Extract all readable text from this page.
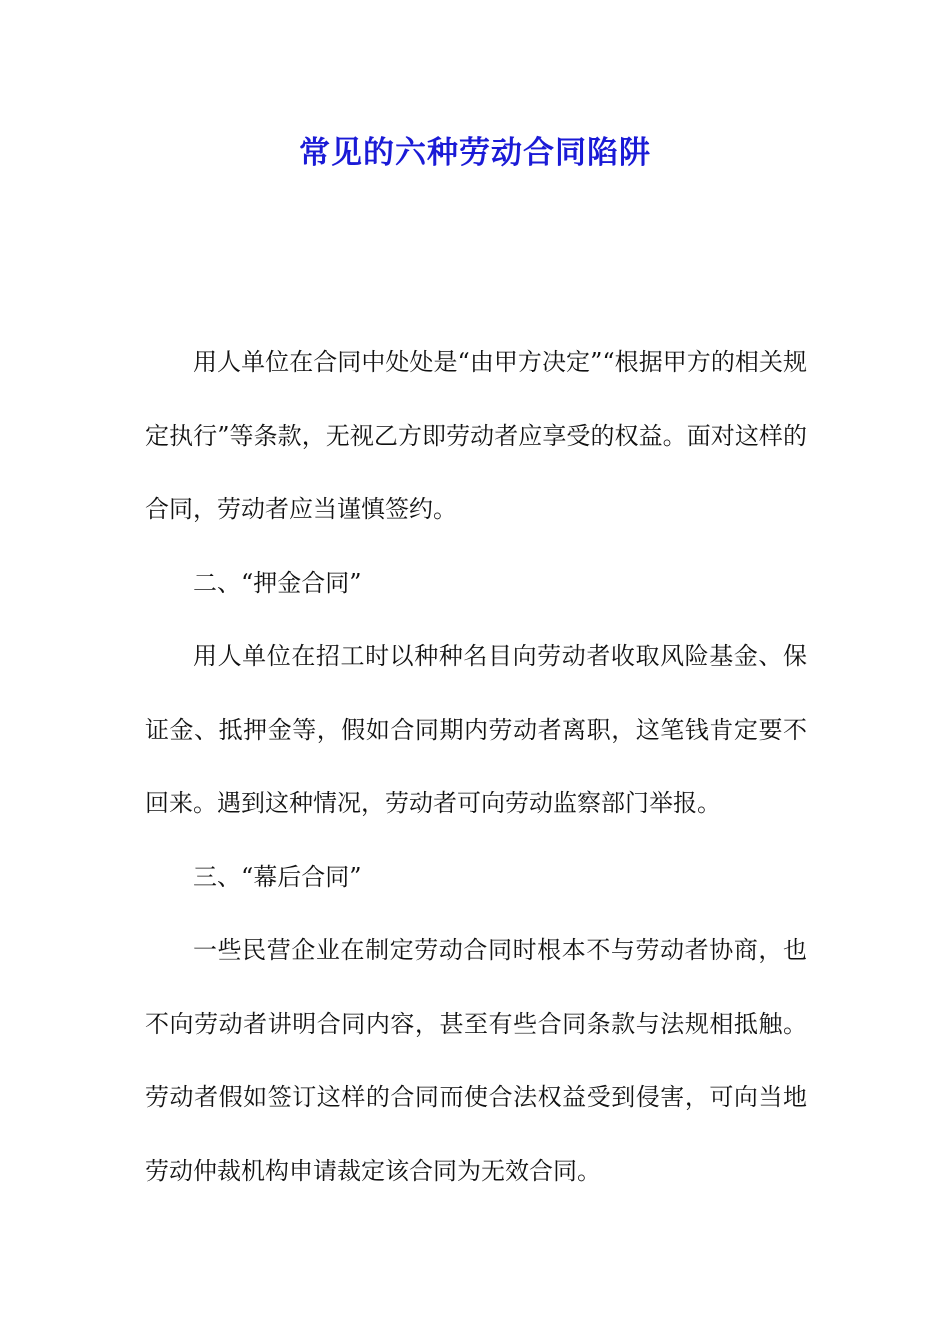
常见的六种劳动合同陷阱

用人单位在合同中处处是“由甲方决定”“根据甲方的相关规定执行”等条款，无视乙方即劳动者应享受的权益。面对这样的合同，劳动者应当谨慎签约。

二、“押金合同”

用人单位在招工时以种种名目向劳动者收取风险基金、保证金、抵押金等，假如合同期内劳动者离职，这笔钱肯定要不回来。遇到这种情况，劳动者可向劳动监察部门举报。

三、“幕后合同”

一些民营企业在制定劳动合同时根本不与劳动者协商，也不向劳动者讲明合同内容，甚至有些合同条款与法规相抵触。劳动者假如签订这样的合同而使合法权益受到侵害，可向当地劳动仲裁机构申请裁定该合同为无效合同。
